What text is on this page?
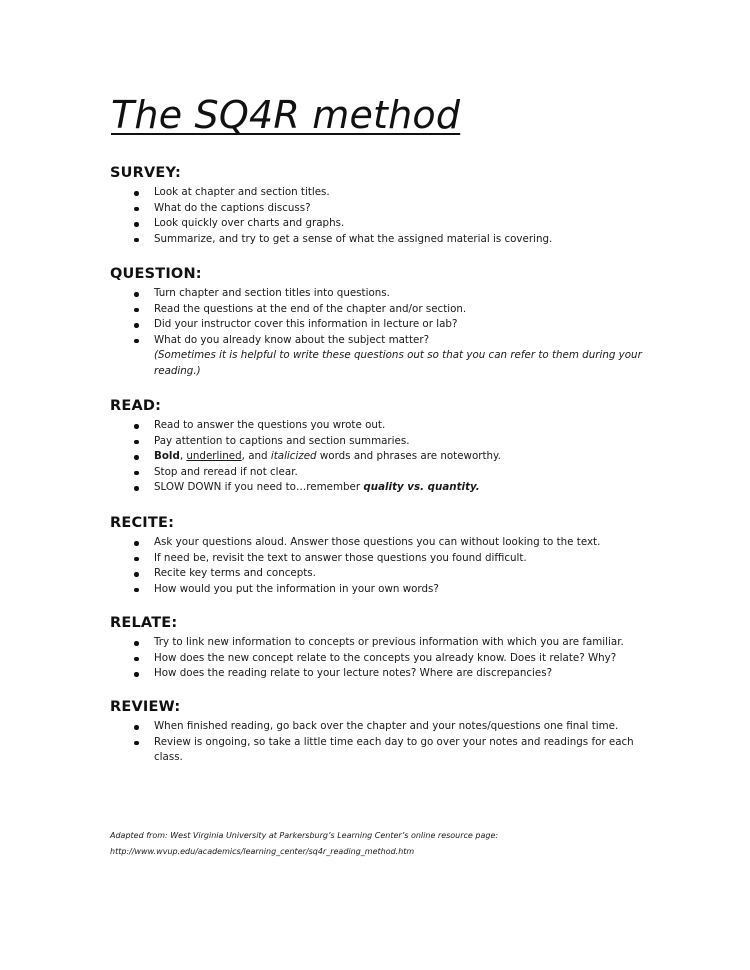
The SQ4R method
SURVEY:
Look at chapter and section titles.
What do the captions discuss?
Look quickly over charts and graphs.
Summarize, and try to get a sense of what the assigned material is covering.
QUESTION:
Turn chapter and section titles into questions.
Read the questions at the end of the chapter and/or section.
Did your instructor cover this information in lecture or lab?
What do you already know about the subject matter?
(Sometimes it is helpful to write these questions out so that you can refer to them during your reading.)
READ:
Read to answer the questions you wrote out.
Pay attention to captions and section summaries.
Bold, underlined, and italicized words and phrases are noteworthy.
Stop and reread if not clear.
SLOW DOWN if you need to…remember quality vs. quantity.
RECITE:
Ask your questions aloud. Answer those questions you can without looking to the text.
If need be, revisit the text to answer those questions you found difficult.
Recite key terms and concepts.
How would you put the information in your own words?
RELATE:
Try to link new information to concepts or previous information with which you are familiar.
How does the new concept relate to the concepts you already know. Does it relate? Why?
How does the reading relate to your lecture notes? Where are discrepancies?
REVIEW:
When finished reading, go back over the chapter and your notes/questions one final time.
Review is ongoing, so take a little time each day to go over your notes and readings for each class.
Adapted from: West Virginia University at Parkersburg’s Learning Center’s online resource page:
http://www.wvup.edu/academics/learning_center/sq4r_reading_method.htm
